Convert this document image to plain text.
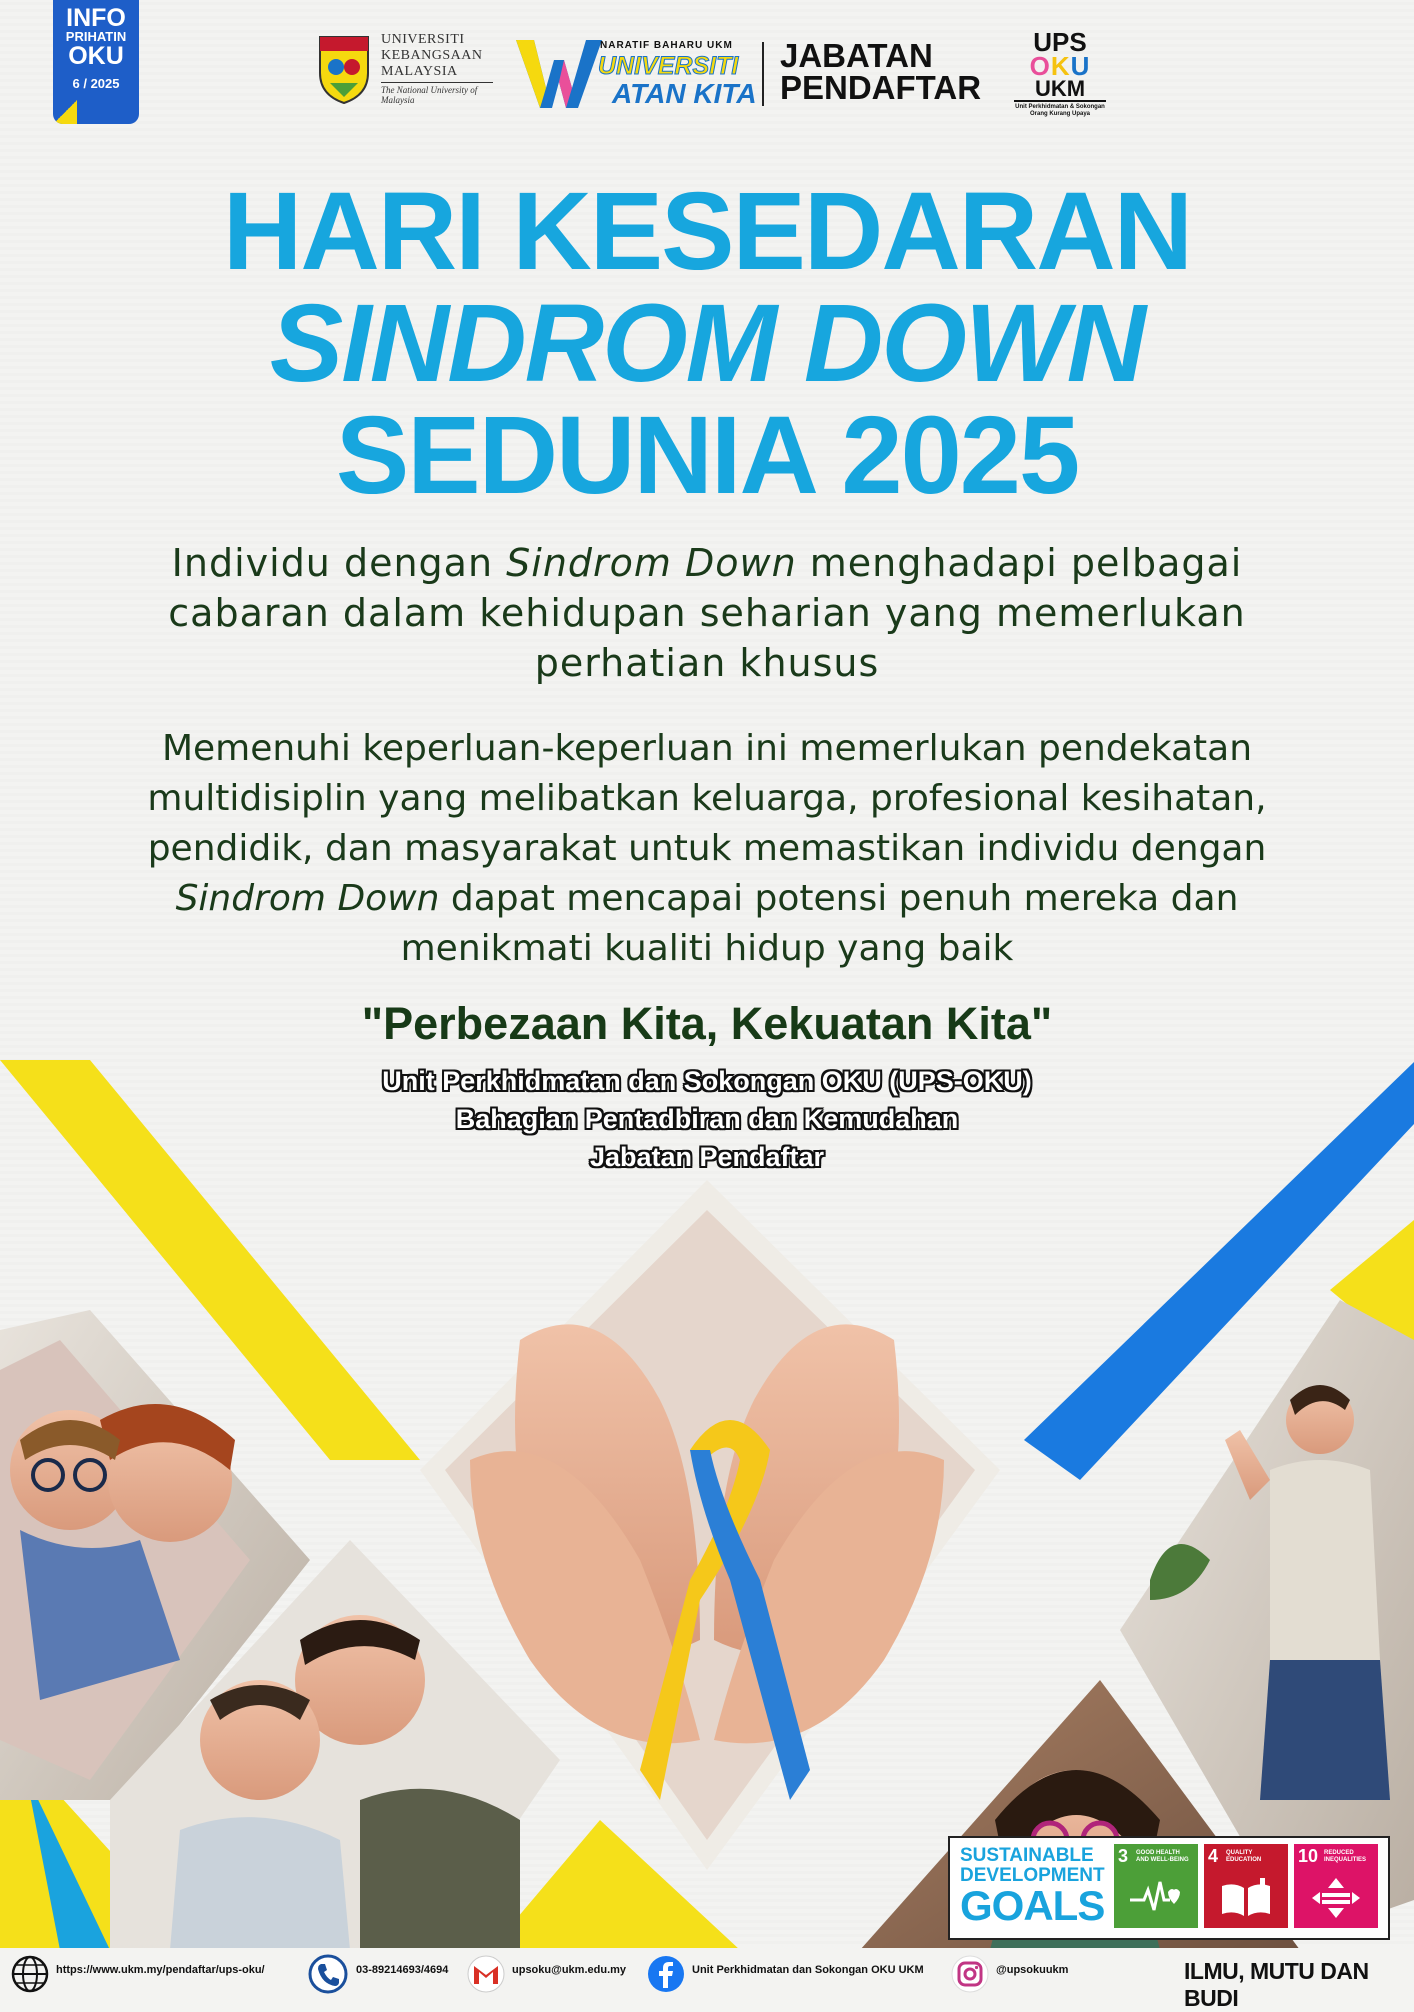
INFO
PRIHATIN
OKU
6 / 2025
UNIVERSITI
KEBANGSAAN
MALAYSIA
The National University of Malaysia
NARATIF BAHARU UKM
UNIVERSITI
ATAN KITA
JABATAN
PENDAFTAR
UPS
OKU
UKM
Unit Perkhidmatan & Sokongan Orang Kurang Upaya
HARI KESEDARAN
SINDROM DOWN
SEDUNIA 2025
Individu dengan Sindrom Down menghadapi pelbagai
cabaran dalam kehidupan seharian yang memerlukan
perhatian khusus
Memenuhi keperluan-keperluan ini memerlukan pendekatan
multidisiplin yang melibatkan keluarga, profesional kesihatan,
pendidik, dan masyarakat untuk memastikan individu dengan
Sindrom Down dapat mencapai potensi penuh mereka dan
menikmati kualiti hidup yang baik
"Perbezaan Kita, Kekuatan Kita"
Unit Perkhidmatan dan Sokongan OKU (UPS-OKU)
Bahagian Pentadbiran dan Kemudahan
Jabatan Pendaftar
SUSTAINABLE
DEVELOPMENT
GOALS
3 GOOD HEALTH AND WELL-BEING 4 QUALITY EDUCATION	10 REDUCED INEQUALITIES
https://www.ukm.my/pendaftar/ups-oku/	03-89214693/4694	upsoku@ukm.edu.my	Unit Perkhidmatan dan Sokongan OKU UKM	@upsokuukm	ILMU, MUTU DAN BUDI
